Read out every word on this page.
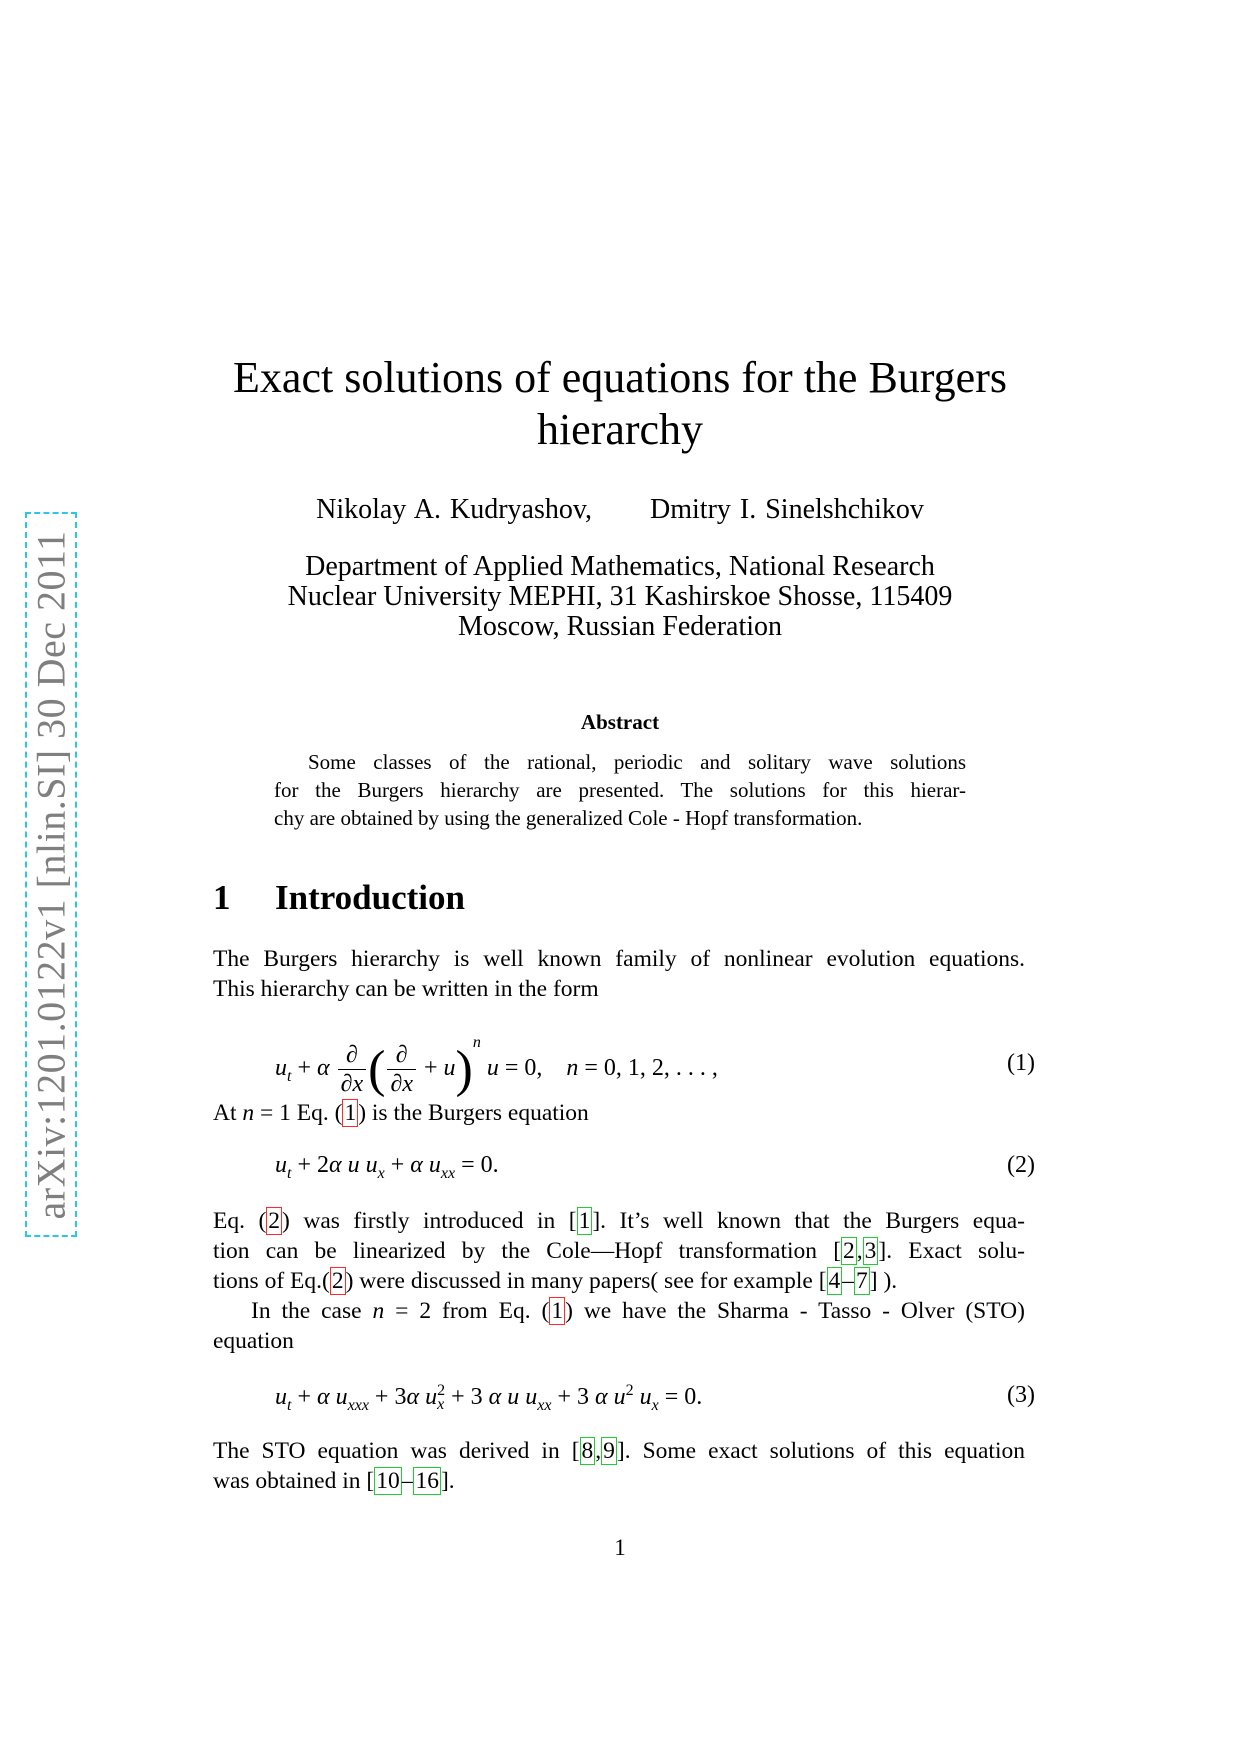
arXiv:1201.0122v1 [nlin.SI] 30 Dec 2011
Exact solutions of equations for the Burgers hierarchy
Nikolay A. Kudryashov, Dmitry I. Sinelshchikov
Department of Applied Mathematics, National Research
Nuclear University MEPHI, 31 Kashirskoe Shosse, 115409
Moscow, Russian Federation
Abstract
Some classes of the rational, periodic and solitary wave solutions
for the Burgers hierarchy are presented. The solutions for this hierar-
chy are obtained by using the generalized Cole - Hopf transformation.
1 Introduction
The Burgers hierarchy is well known family of nonlinear evolution equations.
This hierarchy can be written in the form
$u_t + \alpha \frac{\partial}{\partial x}$ ( $\frac{\partial}{\partial x} + u)^n$ u = 0,    n = 0, 1, 2, . . . ,	(1)
At n = 1 Eq. (1) is the Burgers equation
$u_t + 2\alpha$ u $u_x + \alpha$ $u_{xx} = 0$.	(2)
Eq. (2) was firstly introduced in [1]. It’s well known that the Burgers equa-
tion can be linearized by the Cole—Hopf transformation [2,3]. Exact solu-
tions of Eq.(2) were discussed in many papers( see for example [4–7] ).
In the case n = 2 from Eq. (1) we have the Sharma - Tasso - Olver (STO)
equation
$u_t + \alpha$ $u_{xxx} + 3\alpha$ u 2
x + 3 α u $u_{xx} + 3$ α $u^2$ $u_x = 0$.	(3)
The STO equation was derived in [8,9]. Some exact solutions of this equation
was obtained in [10–16].
1
